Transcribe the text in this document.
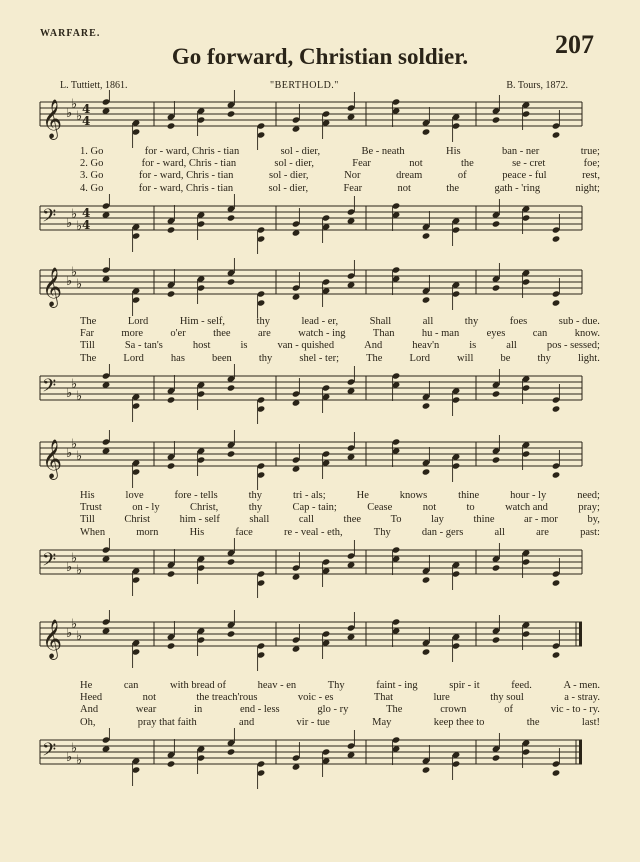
WARFARE.	207
Go forward, Christian soldier.
L. Tuttiett, 1861.	"BERTHOLD."	B. Tours, 1872.
𝄞 ♭
♭
♭ 4
4
1. Go	for - ward, Chris - tian	sol - dier,	Be - neath	His	ban - ner	true;
2. Go	for - ward, Chris - tian	sol - dier,	Fear	not	the	se - cret	foe;
3. Go	for - ward, Chris - tian	sol - dier,	Nor	dream	of	peace - ful	rest,
4. Go	for - ward, Chris - tian	sol - dier,	Fear	not	the	gath - 'ring	night;
𝄢 ♭
♭
♭
4
4
𝄞 ♭
♭
♭
The	Lord	Him - self,	thy	lead - er,	Shall	all	thy	foes	sub - due.
Far	more	o'er	thee	are	watch - ing	Than	hu - man	eyes	can	know.
Till	Sa - tan's	host	is	van - quished	And	heav'n	is	all	pos - sessed;
The	Lord	has	been	thy	shel - ter;	The	Lord	will	be	thy	light.
𝄢 ♭
♭
♭
𝄞 ♭
♭
♭
His	love	fore - tells	thy	tri - als;	He	knows	thine	hour - ly	need;
Trust	on - ly	Christ,	thy	Cap - tain;	Cease	not	to	watch and	pray;
Till	Christ	him - self	shall	call	thee	To	lay	thine	ar - mor	by,
When	morn	His	face	re - veal - eth,	Thy	dan - gers	all	are	past:
𝄢 ♭
♭
♭
𝄞 ♭
♭
♭
He	can	with bread of	heav - en	Thy	faint - ing	spir - it	feed.	A - men.
Heed	not	the treach'rous	voic - es	That	lure	thy soul	a - stray.
And	wear	in	end - less	glo - ry	The	crown	of	vic - to - ry.
Oh,	pray that faith	and	vir - tue	May	keep thee to	the	last!
𝄢 ♭
♭
♭
